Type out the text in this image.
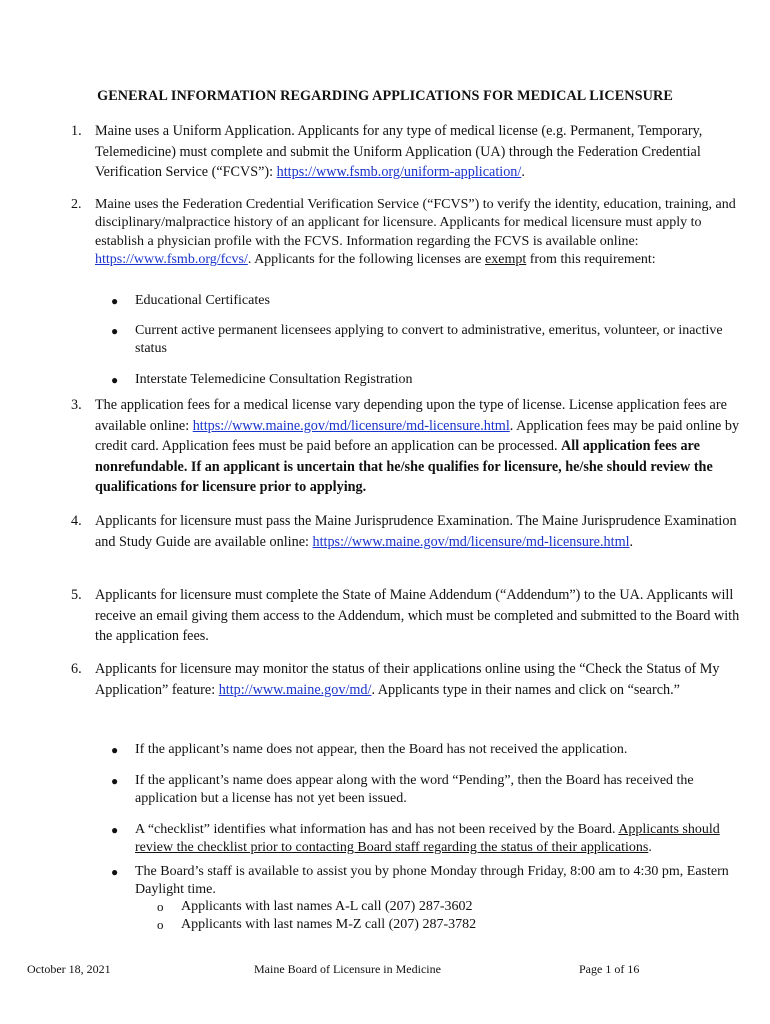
GENERAL INFORMATION REGARDING APPLICATIONS FOR MEDICAL LICENSURE
1. Maine uses a Uniform Application. Applicants for any type of medical license (e.g. Permanent, Temporary, Telemedicine) must complete and submit the Uniform Application (UA) through the Federation Credential Verification Service (“FCVS”): https://www.fsmb.org/uniform-application/.
2. Maine uses the Federation Credential Verification Service (“FCVS”) to verify the identity, education, training, and disciplinary/malpractice history of an applicant for licensure. Applicants for medical licensure must apply to establish a physician profile with the FCVS. Information regarding the FCVS is available online: https://www.fsmb.org/fcvs/. Applicants for the following licenses are exempt from this requirement:
● Educational Certificates
● Current active permanent licensees applying to convert to administrative, emeritus, volunteer, or inactive status
● Interstate Telemedicine Consultation Registration
3. The application fees for a medical license vary depending upon the type of license. License application fees are available online: https://www.maine.gov/md/licensure/md-licensure.html. Application fees may be paid online by credit card. Application fees must be paid before an application can be processed. All application fees are nonrefundable. If an applicant is uncertain that he/she qualifies for licensure, he/she should review the qualifications for licensure prior to applying.
4. Applicants for licensure must pass the Maine Jurisprudence Examination. The Maine Jurisprudence Examination and Study Guide are available online: https://www.maine.gov/md/licensure/md-licensure.html.
5. Applicants for licensure must complete the State of Maine Addendum (“Addendum”) to the UA. Applicants will receive an email giving them access to the Addendum, which must be completed and submitted to the Board with the application fees.
6. Applicants for licensure may monitor the status of their applications online using the “Check the Status of My Application” feature: http://www.maine.gov/md/. Applicants type in their names and click on “search.”
● If the applicant’s name does not appear, then the Board has not received the application.
● If the applicant’s name does appear along with the word “Pending”, then the Board has received the application but a license has not yet been issued.
● A “checklist” identifies what information has and has not been received by the Board. Applicants should review the checklist prior to contacting Board staff regarding the status of their applications.
● The Board’s staff is available to assist you by phone Monday through Friday, 8:00 am to 4:30 pm, Eastern Daylight time.
o Applicants with last names A-L call (207) 287-3602
o Applicants with last names M-Z call (207) 287-3782
October 18, 2021	Maine Board of Licensure in Medicine	Page 1 of 16
